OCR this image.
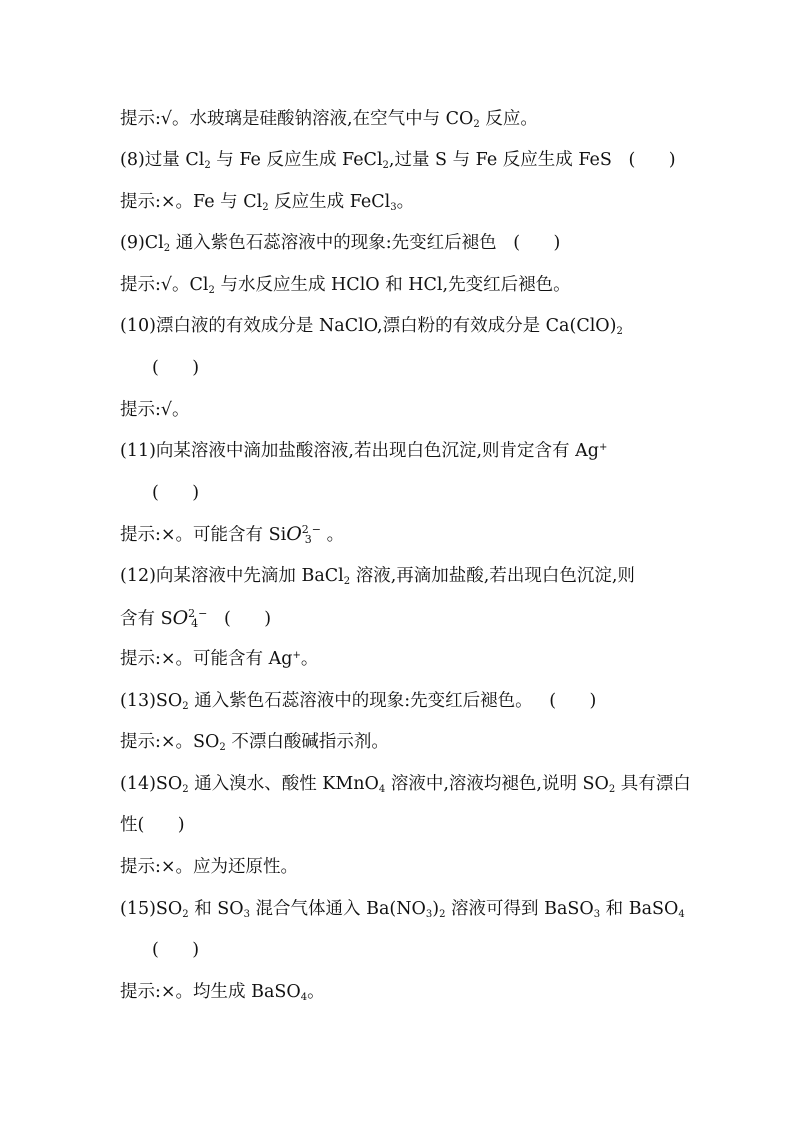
提示:√。水玻璃是硅酸钠溶液,在空气中与 $CO_2$ 反应。
(8)过量 $Cl_2$ 与 Fe 反应生成 FeCl$_2$,过量 S 与 Fe 反应生成 FeS   (      )
提示:×。Fe 与 $Cl_2$ 反应生成 FeCl$_3$。
$(9)Cl_2$ 通入紫色石蕊溶液中的现象:先变红后褪色   (      )
提示:√。$Cl_2$ 与水反应生成 HClO 和 HCl,先变红后褪色。
(10)漂白液的有效成分是 NaClO,漂白粉的有效成分是 $Ca(ClO)_2$
(      )
提示:√。
(11)向某溶液中滴加盐酸溶液,若出现白色沉淀,则肯定含有 Ag+
(      )
提示:×。可能含有 SiO$^2$3− 。
(12)向某溶液中先滴加 BaCl$_2$ 溶液,再滴加盐酸,若出现白色沉淀,则
含有 $SO^24^-$   (      )
提示:×。可能含有 Ag+。
$(13)SO_2$ 通入紫色石蕊溶液中的现象:先变红后褪色。   (      )
提示:×。$SO_2$ 不漂白酸碱指示剂。
$(14)SO_2$ 通入溴水、酸性 KMnO$_4$ 溶液中,溶液均褪色,说明 $SO_2$ 具有漂白
性(      )
提示:×。应为还原性。
$(15)SO_2$ 和 $SO_3$ 混合气体通入 $Ba(NO_3)_2$ 溶液可得到 BaSO$_3$ 和 BaSO$_4$
(      )
提示:×。均生成 BaSO$_4$。
